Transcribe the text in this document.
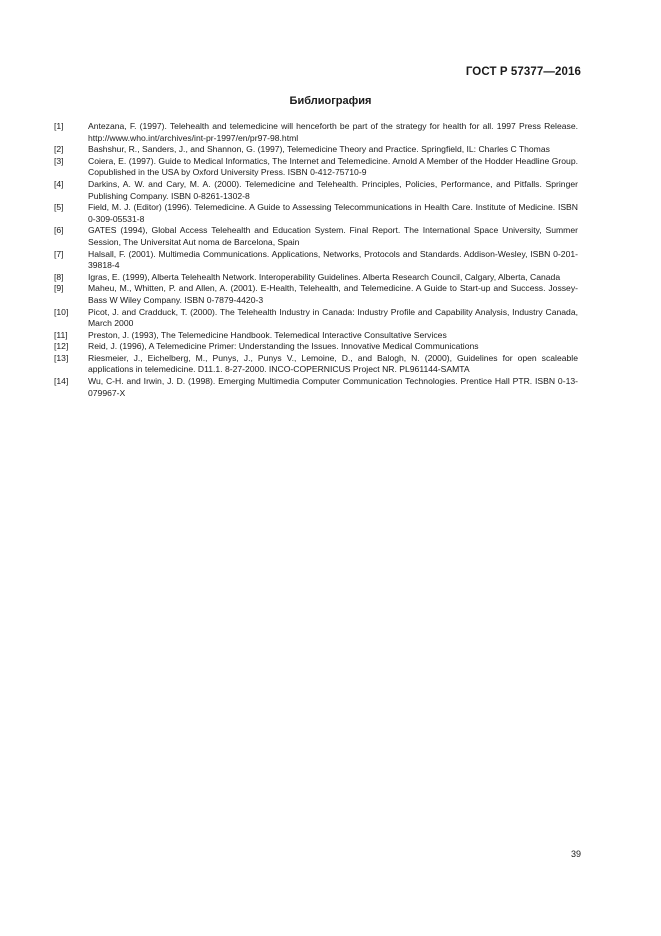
ГОСТ Р 57377—2016
Библиография
[1]	Antezana, F. (1997). Telehealth and telemedicine will henceforth be part of the strategy for health for all. 1997 Press Release. http://www.who.int/archives/int-pr-1997/en/pr97-98.html
[2]	Bashshur, R., Sanders, J., and Shannon, G. (1997), Telemedicine Theory and Practice. Springfield, IL: Charles C Thomas
[3]	Coiera, E. (1997). Guide to Medical Informatics, The Internet and Telemedicine. Arnold A Member of the Hodder Headline Group. Copublished in the USA by Oxford University Press. ISBN 0-412-75710-9
[4]	Darkins, A. W. and Cary, M. A. (2000). Telemedicine and Telehealth. Principles, Policies, Performance, and Pitfalls. Springer Publishing Company. ISBN 0-8261-1302-8
[5]	Field, M. J. (Editor) (1996). Telemedicine. A Guide to Assessing Telecommunications in Health Care. Institute of Medicine. ISBN 0-309-05531-8
[6]	GATES (1994), Global Access Telehealth and Education System. Final Report. The International Space University, Summer Session, The Universitat Aut noma de Barcelona, Spain
[7]	Halsall, F. (2001). Multimedia Communications. Applications, Networks, Protocols and Standards. Addison-Wesley, ISBN 0-201-39818-4
[8]	Igras, E. (1999), Alberta Telehealth Network. Interoperability Guidelines. Alberta Research Council, Calgary, Alberta, Canada
[9]	Maheu, M., Whitten, P. and Allen, A. (2001). E-Health, Telehealth, and Telemedicine. A Guide to Start-up and Success. Jossey-Bass W Wiley Company. ISBN 0-7879-4420-3
[10]	Picot, J. and Cradduck, T. (2000). The Telehealth Industry in Canada: Industry Profile and Capability Analysis, Industry Canada, March 2000
[11]	Preston, J. (1993), The Telemedicine Handbook. Telemedical Interactive Consultative Services
[12]	Reid, J. (1996), A Telemedicine Primer: Understanding the Issues. Innovative Medical Communications
[13]	Riesmeier, J., Eichelberg, M., Punys, J., Punys V., Lemoine, D., and Balogh, N. (2000), Guidelines for open scaleable applications in telemedicine. D11.1. 8-27-2000. INCO-COPERNICUS Project NR. PL961144-SAMTA
[14]	Wu, C-H. and Irwin, J. D. (1998). Emerging Multimedia Computer Communication Technologies. Prentice Hall PTR. ISBN 0-13-079967-X
39
